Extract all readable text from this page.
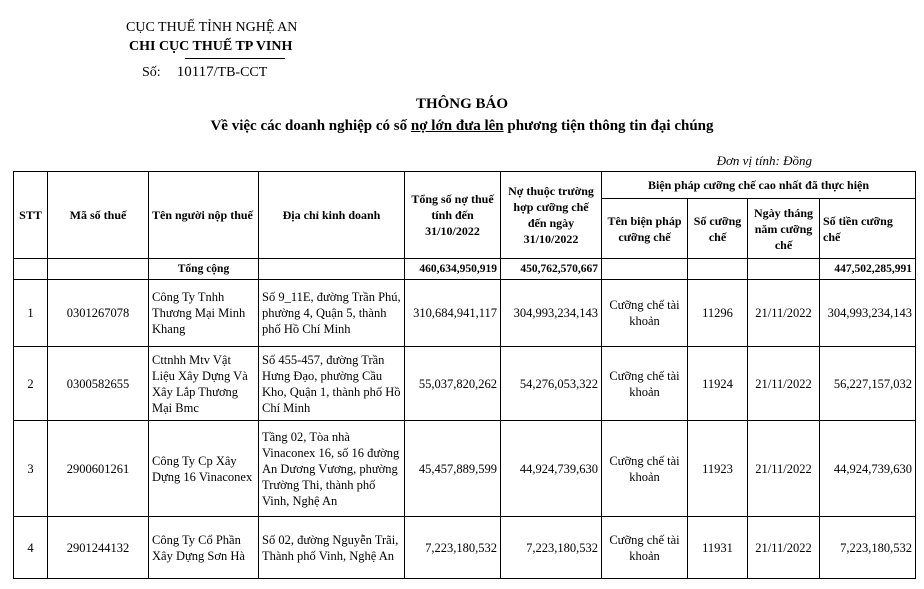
CỤC THUẾ TỈNH NGHỆ AN
CHI CỤC THUẾ TP VINH
Số: 10117/TB-CCT
THÔNG BÁO
Về việc các doanh nghiệp có số nợ lớn đưa lên phương tiện thông tin đại chúng
Đơn vị tính: Đồng
STT	Mã số thuế	Tên người nộp thuế	Địa chỉ kinh doanh	Tổng số nợ thuế tính đến 31/10/2022	Nợ thuộc trường hợp cưỡng chế đến ngày 31/10/2022	Biện pháp cưỡng chế cao nhất đã thực hiện			
						Tên biện pháp cưỡng chế	Số cưỡng chế	Ngày tháng năm cưỡng chế	Số tiền cưỡng chế
		Tổng cộng		460,634,950,919	450,762,570,667				447,502,285,991
1	0301267078	Công Ty Tnhh Thương Mại Minh Khang	Số 9_11E, đường Trần Phú, phường 4, Quận 5, thành phố Hồ Chí Minh	310,684,941,117	304,993,234,143	Cưỡng chế tài khoản	11296	21/11/2022	304,993,234,143
2	0300582655	Cttnhh Mtv Vật Liệu Xây Dựng Và Xây Lắp Thương Mại Bmc	Số 455-457, đường Trần Hưng Đạo, phường Cầu Kho, Quận 1, thành phố Hồ Chí Minh	55,037,820,262	54,276,053,322	Cưỡng chế tài khoản	11924	21/11/2022	56,227,157,032
3	2900601261	Công Ty Cp Xây Dựng 16 Vinaconex	Tầng 02, Tòa nhà Vinaconex 16, số 16 đường An Dương Vương, phường Trường Thi, thành phố Vinh, Nghệ An	45,457,889,599	44,924,739,630	Cưỡng chế tài khoản	11923	21/11/2022	44,924,739,630
4	2901244132	Công Ty Cổ Phần Xây Dựng Sơn Hà	Số 02, đường Nguyễn Trãi, Thành phố Vinh, Nghệ An	7,223,180,532	7,223,180,532	Cưỡng chế tài khoản	11931	21/11/2022	7,223,180,532
